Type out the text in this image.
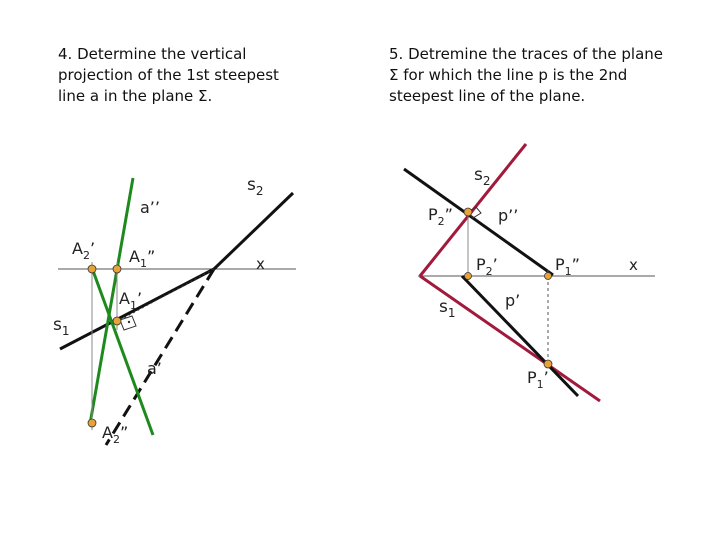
4. Determine the vertical
projection of the 1st steepest
line a in the plane Σ.
5. Detremine the traces of the plane
Σ for which the line p is the 2nd
steepest line of the plane.
$s_2$
a’’
$A_2$’ $A_1$”	x
$A_1$’
$s_1$
a’
$A_2$”
$s_2$
$P_2$”	p’’
$P_2$’	$P_1$”	x
$s_1$
p’
$P_1$’
